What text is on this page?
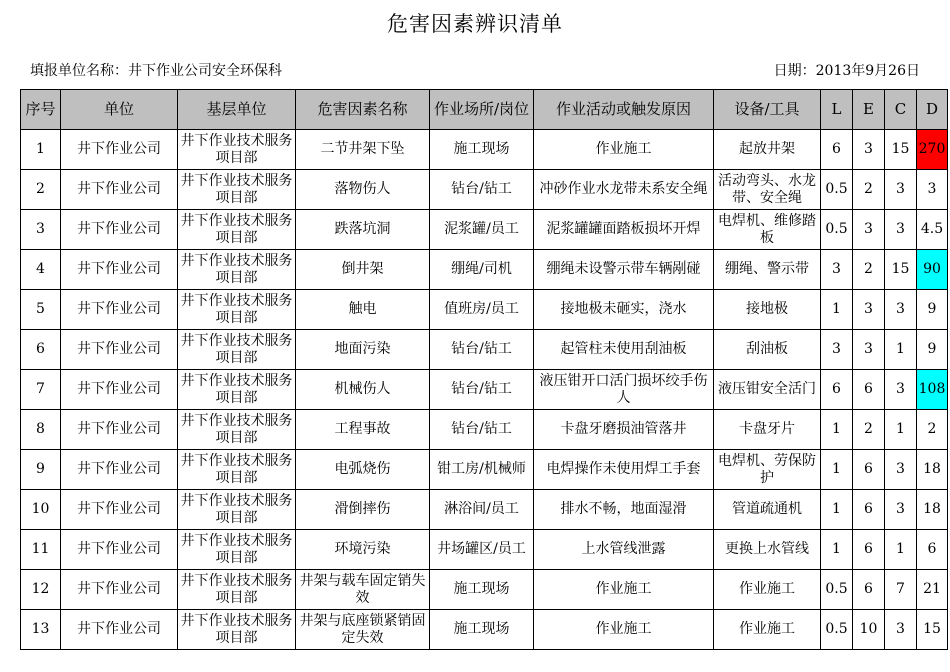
危害因素辨识清单
填报单位名称：井下作业公司安全环保科	日期：2013年9月26日
序号	单位	基层单位	危害因素名称	作业场所/岗位	作业活动或触发原因	设备/工具	L	E	C	D
1	井下作业公司	井下作业技术服务项目部	二节井架下坠	施工现场	作业施工	起放井架	6	3	15	270
2	井下作业公司	井下作业技术服务项目部	落物伤人	钻台/钻工	冲砂作业水龙带未系安全绳	活动弯头、水龙带、安全绳	0.5	2	3	3
3	井下作业公司	井下作业技术服务项目部	跌落坑洞	泥浆罐/员工	泥浆罐罐面踏板损坏开焊	电焊机、维修踏板	0.5	3	3	4.5
4	井下作业公司	井下作业技术服务项目部	倒井架	绷绳/司机	绷绳未设警示带车辆剐碰	绷绳、警示带	3	2	15	90
5	井下作业公司	井下作业技术服务项目部	触电	值班房/员工	接地极未砸实，浇水	接地极	1	3	3	9
6	井下作业公司	井下作业技术服务项目部	地面污染	钻台/钻工	起管柱未使用刮油板	刮油板	3	3	1	9
7	井下作业公司	井下作业技术服务项目部	机械伤人	钻台/钻工	液压钳开口活门损坏绞手伤人	液压钳安全活门	6	6	3	108
8	井下作业公司	井下作业技术服务项目部	工程事故	钻台/钻工	卡盘牙磨损油管落井	卡盘牙片	1	2	1	2
9	井下作业公司	井下作业技术服务项目部	电弧烧伤	钳工房/机械师	电焊操作未使用焊工手套	电焊机、劳保防护	1	6	3	18
10	井下作业公司	井下作业技术服务项目部	滑倒摔伤	淋浴间/员工	排水不畅，地面湿滑	管道疏通机	1	6	3	18
11	井下作业公司	井下作业技术服务项目部	环境污染	井场罐区/员工	上水管线泄露	更换上水管线	1	6	1	6
12	井下作业公司	井下作业技术服务项目部	井架与载车固定销失效	施工现场	作业施工	作业施工	0.5	6	7	21
13	井下作业公司	井下作业技术服务项目部	井架与底座锁紧销固定失效	施工现场	作业施工	作业施工	0.5	10	3	15
